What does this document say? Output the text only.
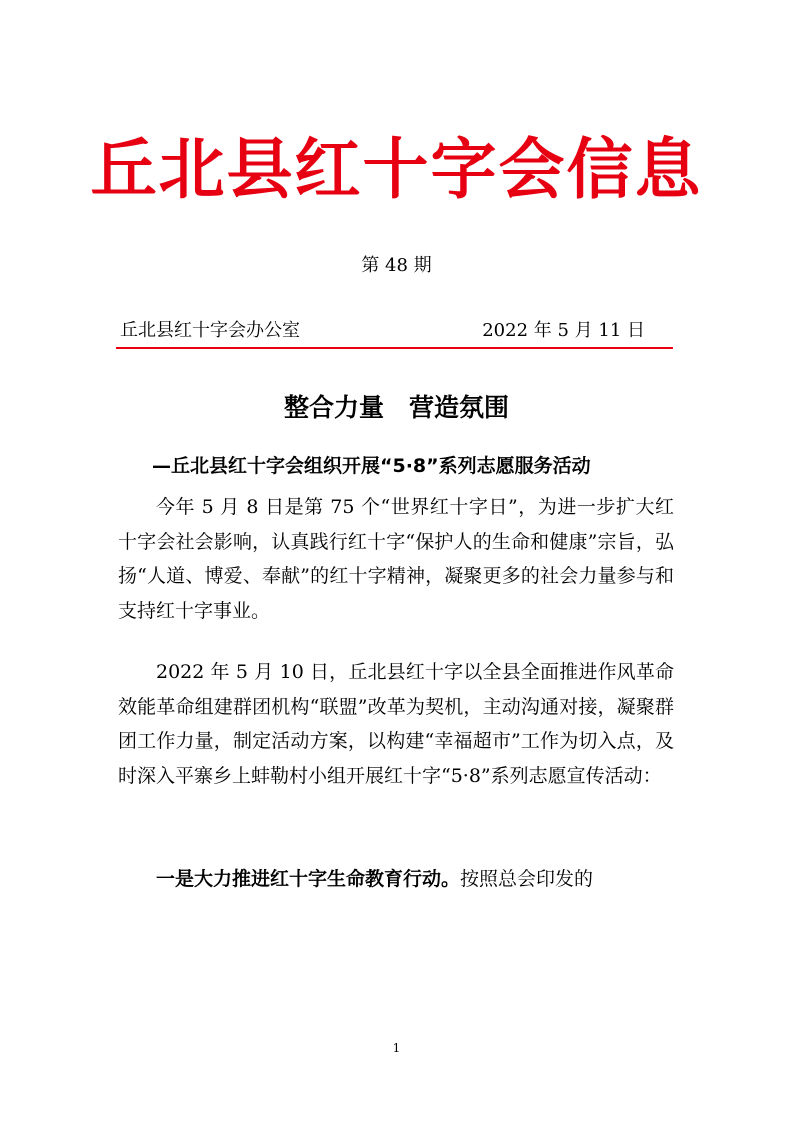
丘北县红十字会信息
第 48 期
丘北县红十字会办公室	2022 年 5 月 11 日
整合力量　营造氛围
—丘北县红十字会组织开展“5·8”系列志愿服务活动

今年 5 月 8 日是第 75 个“世界红十字日”，为进一步扩大红十字会社会影响，认真践行红十字“保护人的生命和健康”宗旨，弘扬“人道、博爱、奉献”的红十字精神，凝聚更多的社会力量参与和支持红十字事业。

2022 年 5 月 10 日，丘北县红十字以全县全面推进作风革命效能革命组建群团机构“联盟”改革为契机，主动沟通对接，凝聚群团工作力量，制定活动方案，以构建“幸福超市”工作为切入点，及时深入平寨乡上蚌勒村小组开展红十字“5·8”系列志愿宣传活动：

一是大力推进红十字生命教育行动。按照总会印发的

1
